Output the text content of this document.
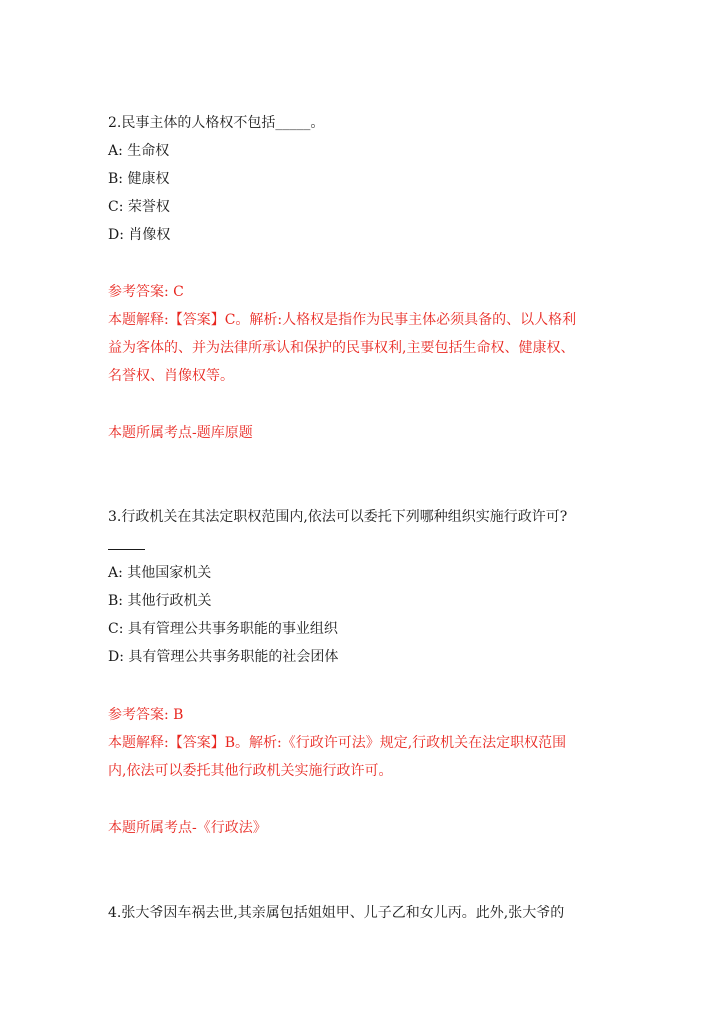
2.民事主体的人格权不包括_____。
A: 生命权
B: 健康权
C: 荣誉权
D: 肖像权
参考答案: C
本题解释:【答案】C。解析:人格权是指作为民事主体必须具备的、以人格利
益为客体的、并为法律所承认和保护的民事权利,主要包括生命权、健康权、
名誉权、肖像权等。
本题所属考点-题库原题
3.行政机关在其法定职权范围内,依法可以委托下列哪种组织实施行政许可?
A: 其他国家机关
B: 其他行政机关
C: 具有管理公共事务职能的事业组织
D: 具有管理公共事务职能的社会团体
参考答案: B
本题解释:【答案】B。解析:《行政许可法》规定,行政机关在法定职权范围
内,依法可以委托其他行政机关实施行政许可。
本题所属考点-《行政法》
4.张大爷因车祸去世,其亲属包括姐姐甲、儿子乙和女儿丙。此外,张大爷的
